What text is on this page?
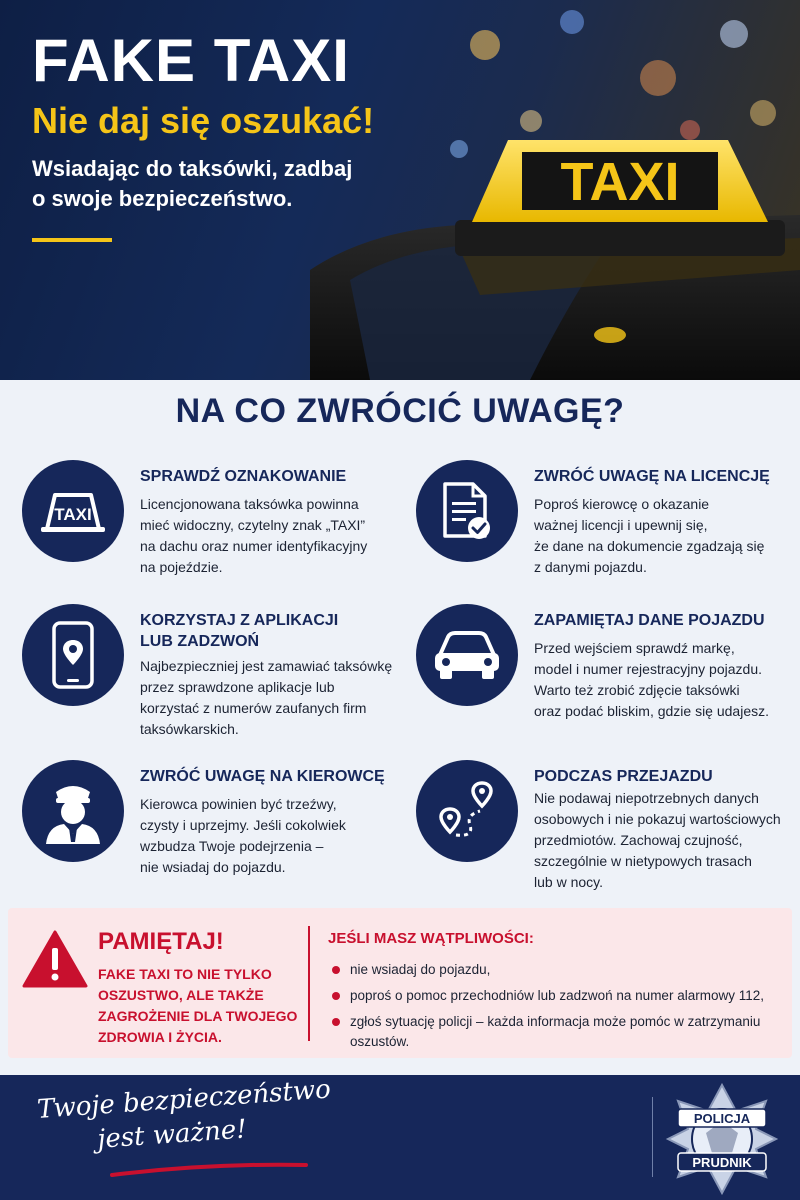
TAXI
FAKE TAXI
Nie daj się oszukać!

Wsiadając do taksówki, zadbaj
o swoje bezpieczeństwo.

NA CO ZWRÓCIĆ UWAGĘ?
TAXI
SPRAWDŹ OZNAKOWANIE
Licencjonowana taksówka powinna
mieć widoczny, czytelny znak „TAXI”
na dachu oraz numer identyfikacyjny
na pojeździe.
ZWRÓĆ UWAGĘ NA LICENCJĘ
Poproś kierowcę o okazanie
ważnej licencji i upewnij się,
że dane na dokumencie zgadzają się
z danymi pojazdu.
KORZYSTAJ Z APLIKACJI
LUB ZADZWOŃ
Najbezpieczniej jest zamawiać taksówkę
przez sprawdzone aplikacje lub
korzystać z numerów zaufanych firm
taksówkarskich.
ZAPAMIĘTAJ DANE POJAZDU
Przed wejściem sprawdź markę,
model i numer rejestracyjny pojazdu.
Warto też zrobić zdjęcie taksówki
oraz podać bliskim, gdzie się udajesz.
ZWRÓĆ UWAGĘ NA KIEROWCĘ
Kierowca powinien być trzeźwy,
czysty i uprzejmy. Jeśli cokolwiek
wzbudza Twoje podejrzenia –
nie wsiadaj do pojazdu.
PODCZAS PRZEJAZDU
Nie podawaj niepotrzebnych danych
osobowych i nie pokazuj wartościowych
przedmiotów. Zachowaj czujność,
szczególnie w nietypowych trasach
lub w nocy.
PAMIĘTAJ!
FAKE TAXI TO NIE TYLKO
OSZUSTWO, ALE TAKŻE
ZAGROŻENIE DLA TWOJEGO
ZDROWIA I ŻYCIA.
JEŚLI MASZ WĄTPLIWOŚCI:
nie wsiadaj do pojazdu,
poproś o pomoc przechodniów lub zadzwoń na numer alarmowy 112,
zgłoś sytuację policji – każda informacja może pomóc w zatrzymaniu oszustów.
Twoje bezpieczeństwo
jest ważne!	POLICJA
PRUDNIK
